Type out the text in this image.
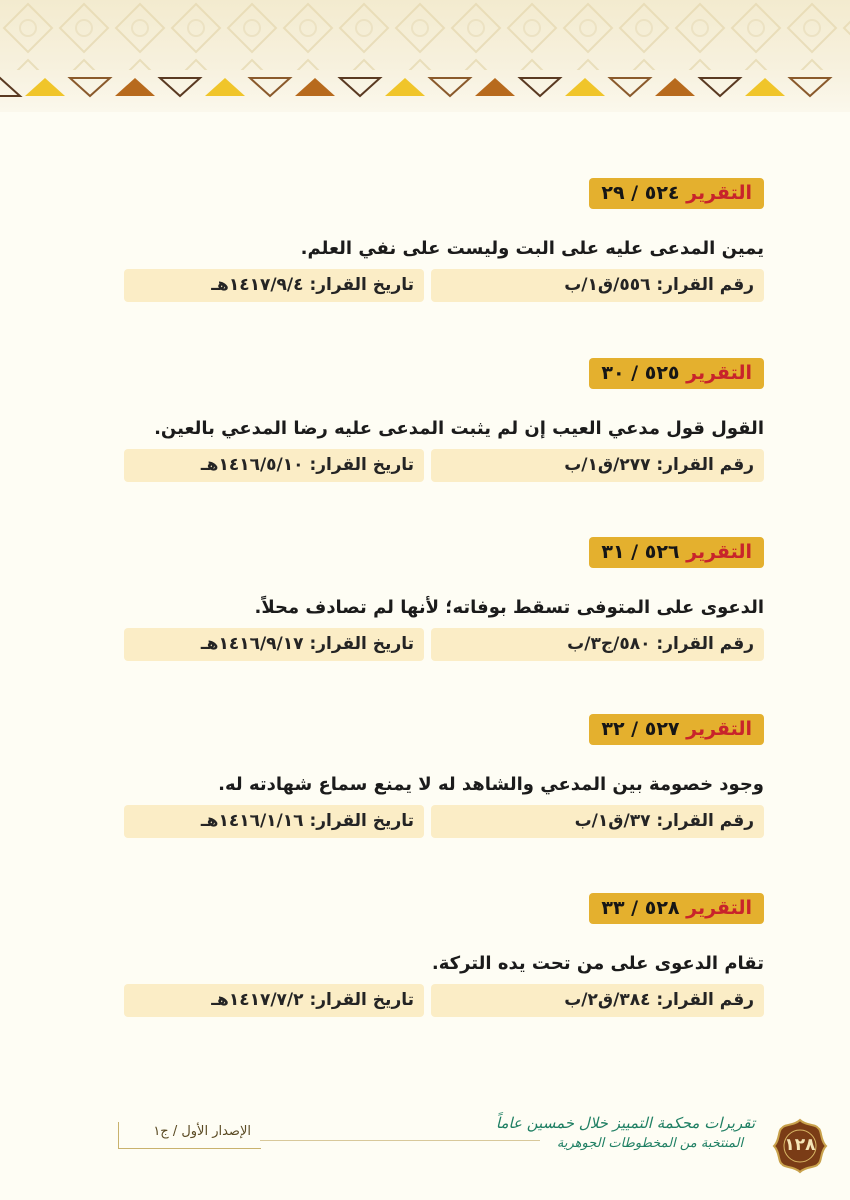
التقرير ٥٢٤ / ٢٩
يمين المدعى عليه على البت وليست على نفي العلم.
رقم القرار: ٥٥٦/ق١/ب
تاريخ القرار: ١٤١٧/٩/٤هـ
التقرير ٥٢٥ / ٣٠
القول قول مدعي العيب إن لم يثبت المدعى عليه رضا المدعي بالعين.
رقم القرار: ٢٧٧/ق١/ب
تاريخ القرار: ١٤١٦/٥/١٠هـ
التقرير ٥٢٦ / ٣١
الدعوى على المتوفى تسقط بوفاته؛ لأنها لم تصادف محلاً.
رقم القرار: ٥٨٠/ج٣/ب
تاريخ القرار: ١٤١٦/٩/١٧هـ
التقرير ٥٢٧ / ٣٢
وجود خصومة بين المدعي والشاهد له لا يمنع سماع شهادته له.
رقم القرار: ٣٧/ق١/ب
تاريخ القرار: ١٤١٦/١/١٦هـ
التقرير ٥٢٨ / ٣٣
تقام الدعوى على من تحت يده التركة.
رقم القرار: ٣٨٤/ق٢/ب
تاريخ القرار: ١٤١٧/٧/٢هـ
الإصدار الأول / ج١	تقريرات محكمة التمييز خلال خمسين عاماً
المنتخبة من المخطوطات الجوهرية	١٢٨
